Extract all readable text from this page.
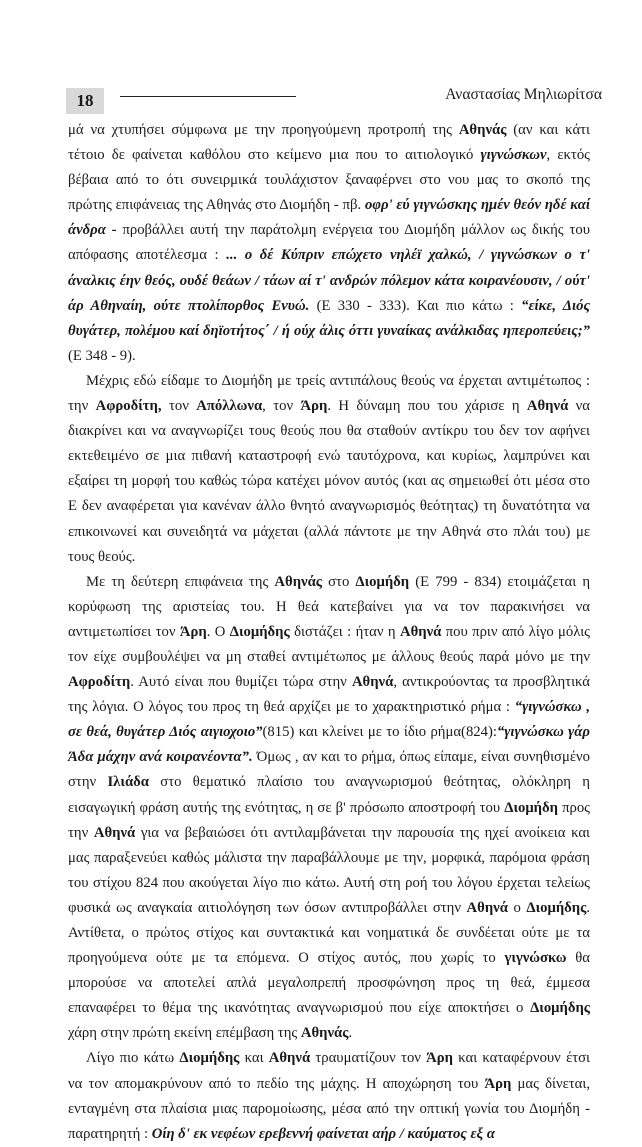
18	Αναστασίας Μηλιωρίτσα

μά να χτυπήσει σύμφωνα με την προηγούμενη προτροπή της Αθηνάς (αν και κάτι τέτοιο δε φαίνεται καθόλου στο κείμενο μια που το αιτιολογικό γιγνώσκων, εκτός βέβαια από το ότι συνειρμικά τουλάχιστον ξαναφέρνει στο νου μας το σκοπό της πρώτης επιφάνειας της Αθηνάς στο Διομήδη - πβ. οφρ' εύ γιγνώσκης ημέν θεόν ηδέ καί άνδρα - προβάλλει αυτή την παράτολμη ενέργεια του Διομήδη μάλλον ως δικής του απόφασης αποτέλεσμα : ... ο δέ Κύπριν επώχετο νηλέϊ χαλκώ, / γιγνώσκων ο τ' άναλκις έην θεός, ουδέ θεάων / τάων αί τ' ανδρών πόλεμον κάτα κοιρανέουσιν, / ούτ' άρ Αθηναίη, ούτε πτολίπορθος Ενυώ. (Ε 330 - 333). Και πιο κάτω : “είκε, Διός θυγάτερ, πολέμου καί δηϊοτήτος΄ / ή ούχ άλις όττι γυναίκας ανάλκιδας ηπεροπεύεις;” (Ε 348 - 9).

Μέχρις εδώ είδαμε το Διομήδη με τρείς αντιπάλους θεούς να έρχεται αντιμέτωπος : την Αφροδίτη, τον Απόλλωνα, τον Άρη. Η δύναμη που του χάρισε η Αθηνά να διακρίνει και να αναγνωρίζει τους θεούς που θα σταθούν αντίκρυ του δεν τον αφήνει εκτεθειμένο σε μια πιθανή καταστροφή ενώ ταυτόχρονα, και κυρίως, λαμπρύνει και εξαίρει τη μορφή του καθώς τώρα κατέχει μόνον αυτός (και ας σημειωθεί ότι μέσα στο Ε δεν αναφέρεται για κανέναν άλλο θνητό αναγνωρισμός θεότητας) τη δυνατότητα να επικοινωνεί και συνειδητά να μάχεται (αλλά πάντοτε με την Αθηνά στο πλάι του) με τους θεούς.

Με τη δεύτερη επιφάνεια της Αθηνάς στο Διομήδη (Ε 799 - 834) ετοιμάζεται η κορύφωση της αριστείας του. Η θεά κατεβαίνει για να τον παρακινήσει να αντιμετωπίσει τον Άρη. Ο Διομήδης διστάζει : ήταν η Αθηνά που πριν από λίγο μόλις τον είχε συμβουλέψει να μη σταθεί αντιμέτωπος με άλλους θεούς παρά μόνο με την Αφροδίτη. Αυτό είναι που θυμίζει τώρα στην Αθηνά, αντικρούοντας τα προσβλητικά της λόγια. Ο λόγος του προς τη θεά αρχίζει με το χαρακτηριστικό ρήμα : “γιγνώσκω , σε θεά, θυγάτερ Διός αιγιοχοιο”(815) και κλείνει με το ίδιο ρήμα(824):“γιγνώσκω γάρ Άδα μάχην ανά κοιρανέοντα”. Όμως , αν και το ρήμα, όπως είπαμε, είναι συνηθισμένο στην Ιλιάδα στο θεματικό πλαίσιο του αναγνωρισμού θεότητας, ολόκληρη η εισαγωγική φράση αυτής της ενότητας, η σε β' πρόσωπο αποστροφή του Διομήδη προς την Αθηνά για να βεβαιώσει ότι αντιλαμβάνεται την παρουσία της ηχεί ανοίκεια και μας παραξενεύει καθώς μάλιστα την παραβάλλουμε με την, μορφικά, παρόμοια φράση του στίχου 824 που ακούγεται λίγο πιο κάτω. Αυτή στη ροή του λόγου έρχεται τελείως φυσικά ως αναγκαία αιτιολόγηση των όσων αντιπροβάλλει στην Αθηνά ο Διομήδης. Αντίθετα, ο πρώτος στίχος και συντακτικά και νοηματικά δε συνδέεται ούτε με τα προηγούμενα ούτε με τα επόμενα. Ο στίχος αυτός, που χωρίς το γιγνώσκω θα μπορούσε να αποτελεί απλά μεγαλοπρεπή προσφώνηση προς τη θεά, έμμεσα επαναφέρει το θέμα της ικανότητας αναγνωρισμού που είχε αποκτήσει ο Διομήδης χάρη στην πρώτη εκείνη επέμβαση της Αθηνάς.

Λίγο πιο κάτω Διομήδης και Αθηνά τραυματίζουν τον Άρη και καταφέρνουν έτσι να τον απομακρύνουν από το πεδίο της μάχης. Η αποχώρηση του Άρη μας δίνεται, ενταγμένη στα πλαίσια μιας παρομοίωσης, μέσα από την οπτική γωνία του Διομήδη - παρατηρητή : Οίη δ' εκ νεφέων ερεβεννή φαίνεται αήρ / καύματος εξ α
